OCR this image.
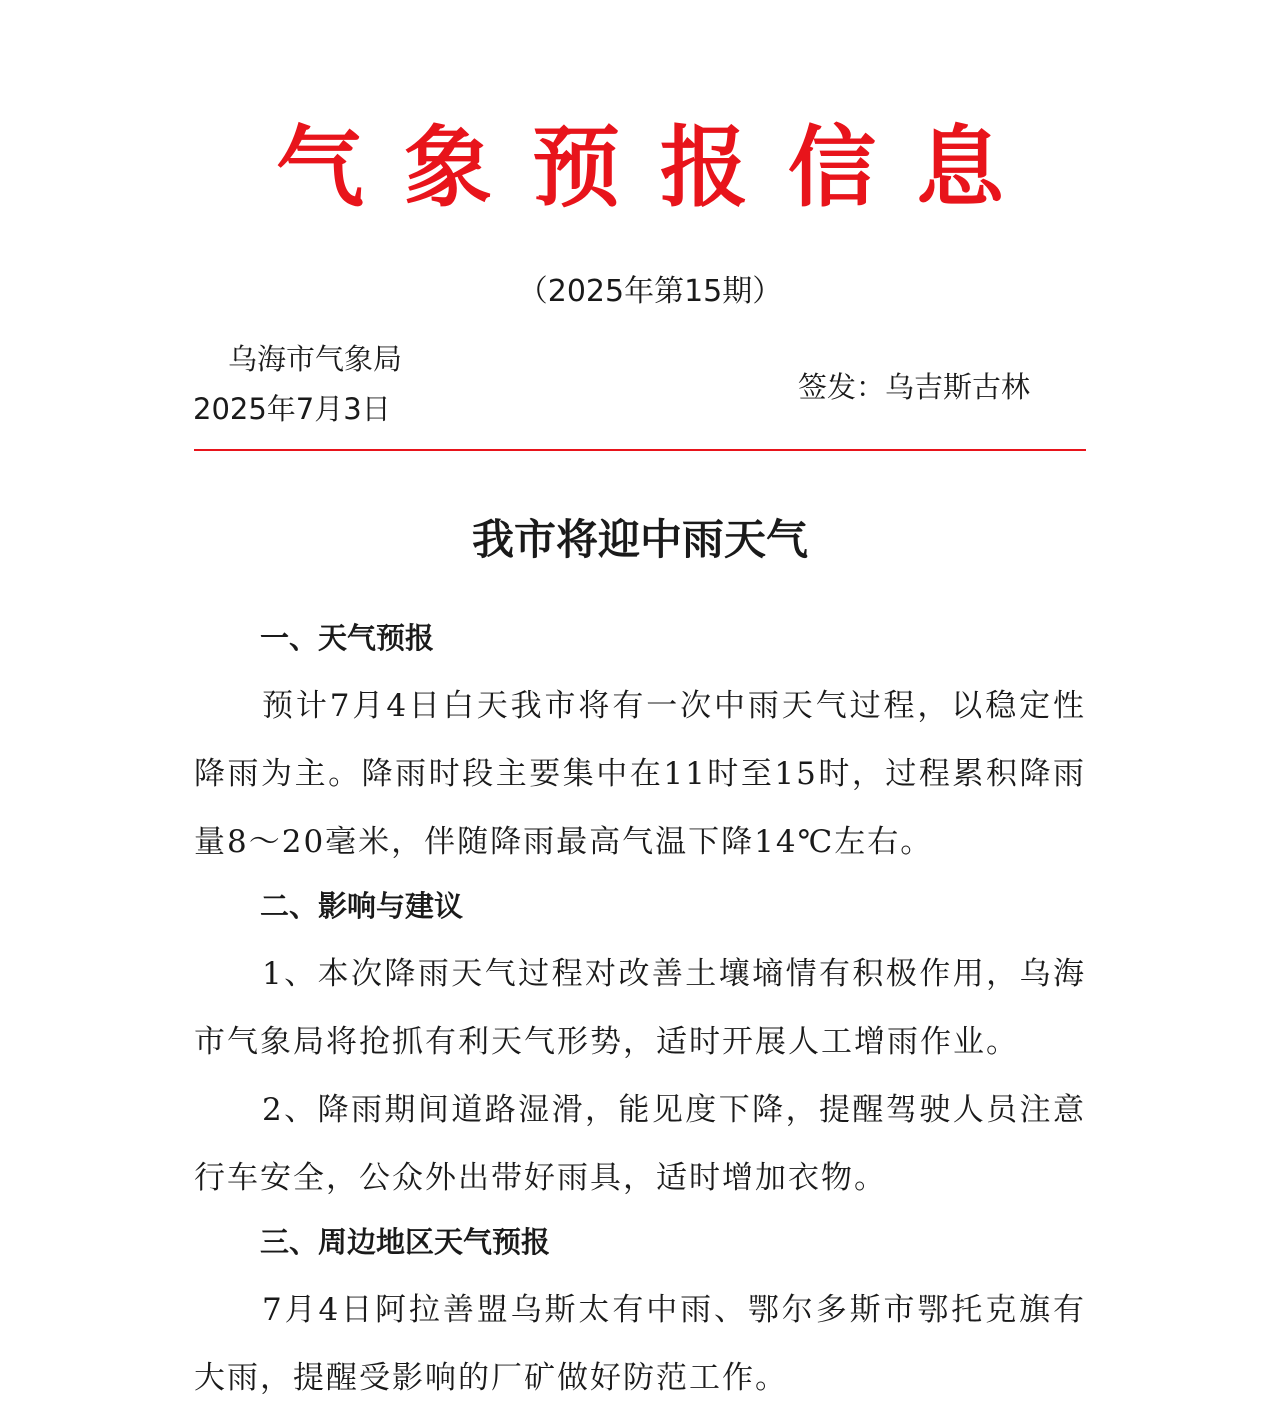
气象预报信息
（2025年第15期）
乌海市气象局
2025年7月3日
签发：乌吉斯古林
我市将迎中雨天气
一、天气预报
预计7月4日白天我市将有一次中雨天气过程，以稳定性降雨为主。降雨时段主要集中在11时至15时，过程累积降雨量8～20毫米，伴随降雨最高气温下降14℃左右。
二、影响与建议
1、本次降雨天气过程对改善土壤墒情有积极作用，乌海市气象局将抢抓有利天气形势，适时开展人工增雨作业。
2、降雨期间道路湿滑，能见度下降，提醒驾驶人员注意行车安全，公众外出带好雨具，适时增加衣物。
三、周边地区天气预报
7月4日阿拉善盟乌斯太有中雨、鄂尔多斯市鄂托克旗有大雨，提醒受影响的厂矿做好防范工作。
